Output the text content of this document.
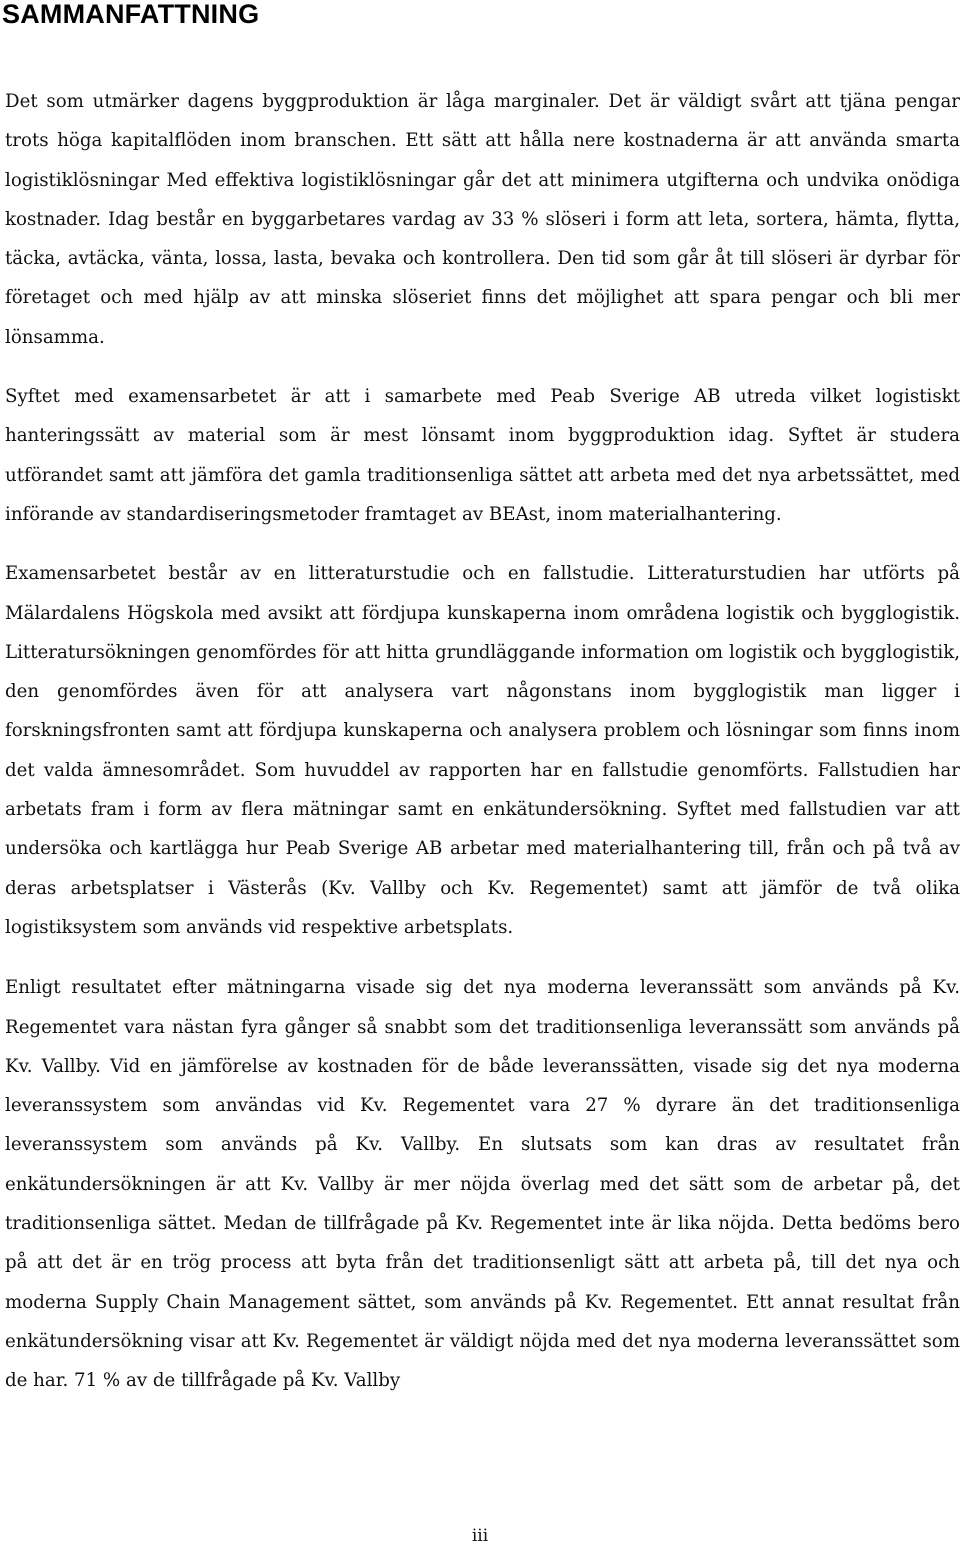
SAMMANFATTNING

Det som utmärker dagens byggproduktion är låga marginaler. Det är väldigt svårt att tjäna pengar trots höga kapitalflöden inom branschen. Ett sätt att hålla nere kostnaderna är att använda smarta logistiklösningar Med effektiva logistiklösningar går det att minimera utgifterna och undvika onödiga kostnader. Idag består en byggarbetares vardag av 33 % slöseri i form att leta, sortera, hämta, flytta, täcka, avtäcka, vänta, lossa, lasta, bevaka och kontrollera. Den tid som går åt till slöseri är dyrbar för företaget och med hjälp av att minska slöseriet finns det möjlighet att spara pengar och bli mer lönsamma.

Syftet med examensarbetet är att i samarbete med Peab Sverige AB utreda vilket logistiskt hanteringssätt av material som är mest lönsamt inom byggproduktion idag. Syftet är studera utförandet samt att jämföra det gamla traditionsenliga sättet att arbeta med det nya arbetssättet, med införande av standardiseringsmetoder framtaget av BEAst, inom materialhantering.

Examensarbetet består av en litteraturstudie och en fallstudie. Litteraturstudien har utförts på Mälardalens Högskola med avsikt att fördjupa kunskaperna inom områdena logistik och bygglogistik. Litteratursökningen genomfördes för att hitta grundläggande information om logistik och bygglogistik, den genomfördes även för att analysera vart någonstans inom bygglogistik man ligger i forskningsfronten samt att fördjupa kunskaperna och analysera problem och lösningar som finns inom det valda ämnesområdet. Som huvuddel av rapporten har en fallstudie genomförts. Fallstudien har arbetats fram i form av flera mätningar samt en enkätundersökning. Syftet med fallstudien var att undersöka och kartlägga hur Peab Sverige AB arbetar med materialhantering till, från och på två av deras arbetsplatser i Västerås (Kv. Vallby och Kv. Regementet) samt att jämför de två olika logistiksystem som används vid respektive arbetsplats.

Enligt resultatet efter mätningarna visade sig det nya moderna leveranssätt som används på Kv. Regementet vara nästan fyra gånger så snabbt som det traditionsenliga leveranssätt som används på Kv. Vallby. Vid en jämförelse av kostnaden för de både leveranssätten, visade sig det nya moderna leveranssystem som användas vid Kv. Regementet vara 27 % dyrare än det traditionsenliga leveranssystem som används på Kv. Vallby. En slutsats som kan dras av resultatet från enkätundersökningen är att Kv. Vallby är mer nöjda överlag med det sätt som de arbetar på, det traditionsenliga sättet. Medan de tillfrågade på Kv. Regementet inte är lika nöjda. Detta bedöms bero på att det är en trög process att byta från det traditionsenligt sätt att arbeta på, till det nya och moderna Supply Chain Management sättet, som används på Kv. Regementet. Ett annat resultat från enkätundersökning visar att Kv. Regementet är väldigt nöjda med det nya moderna leveranssättet som de har. 71 % av de tillfrågade på Kv. Vallby

iii
